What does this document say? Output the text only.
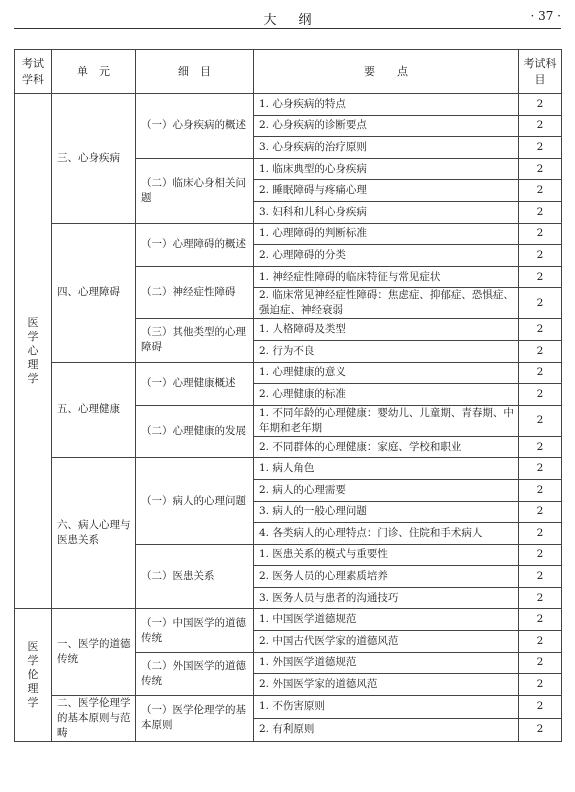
大纲	· 37 ·
考试学科	单　元	细　目	要　　点	考试科目
医学心理学	三、心身疾病	（一）心身疾病的概述	1. 心身疾病的特点	2
			2. 心身疾病的诊断要点	2
			3. 心身疾病的治疗原则	2
		（二）临床心身相关问题	1. 临床典型的心身疾病	2
			2. 睡眠障碍与疼痛心理	2
			3. 妇科和儿科心身疾病	2
	四、心理障碍	（一）心理障碍的概述	1. 心理障碍的判断标准	2
			2. 心理障碍的分类	2
		（二）神经症性障碍	1. 神经症性障碍的临床特征与常见症状	2
			2. 临床常见神经症性障碍：焦虑症、抑郁症、恐惧症、强迫症、神经衰弱	2
		（三）其他类型的心理障碍	1. 人格障碍及类型	2
			2. 行为不良	2
	五、心理健康	（一）心理健康概述	1. 心理健康的意义	2
			2. 心理健康的标准	2
		（二）心理健康的发展	1. 不同年龄的心理健康：婴幼儿、儿童期、青春期、中年期和老年期	2
			2. 不同群体的心理健康：家庭、学校和职业	2
	六、病人心理与医患关系	（一）病人的心理问题	1. 病人角色	2
			2. 病人的心理需要	2
			3. 病人的一般心理问题	2
			4. 各类病人的心理特点：门诊、住院和手术病人	2
		（二）医患关系	1. 医患关系的模式与重要性	2
			2. 医务人员的心理素质培养	2
			3. 医务人员与患者的沟通技巧	2
医学伦理学	一、医学的道德传统	（一）中国医学的道德传统	1. 中国医学道德规范	2
			2. 中国古代医学家的道德风范	2
		（二）外国医学的道德传统	1. 外国医学道德规范	2
			2. 外国医学家的道德风范	2
	二、医学伦理学的基本原则与范畴	（一）医学伦理学的基本原则	1. 不伤害原则	2
			2. 有利原则	2
